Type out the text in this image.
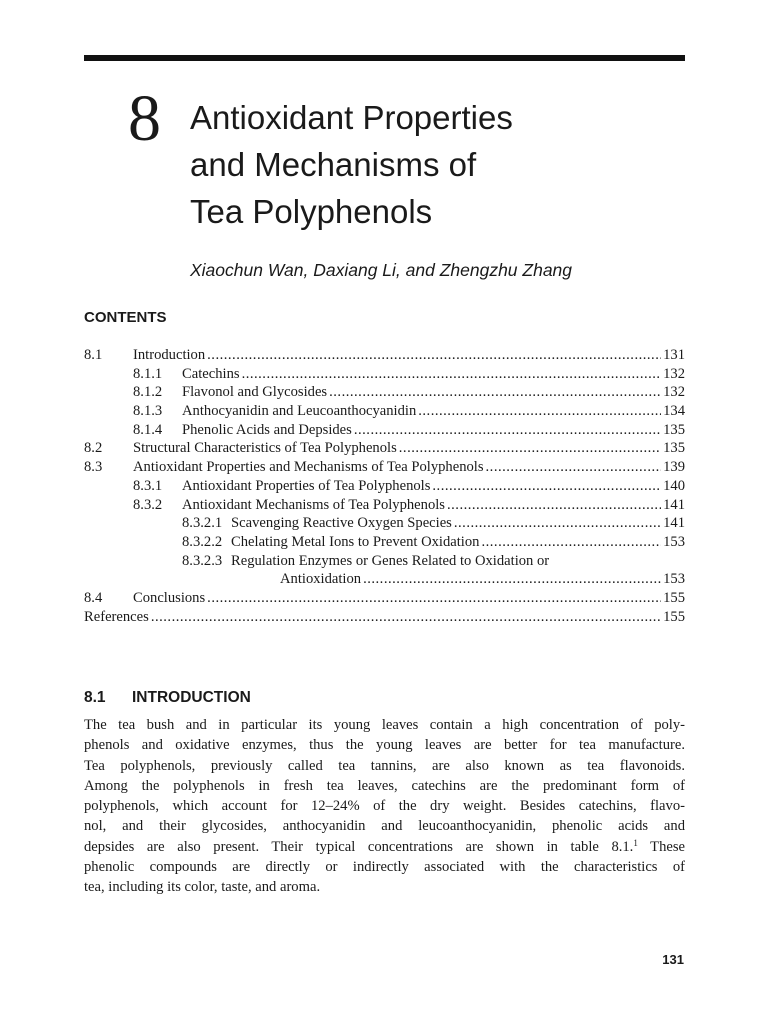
8 Antioxidant Properties
and Mechanisms of
Tea Polyphenols
Xiaochun Wan, Daxiang Li, and Zhengzhu Zhang
CONTENTS
8.1	Introduction .....	131
8.1.1	Catechins .....	132
8.1.2	Flavonol and Glycosides .....	132
8.1.3	Anthocyanidin and Leucoanthocyanidin .....	134
8.1.4	Phenolic Acids and Depsides .....	135
8.2	Structural Characteristics of Tea Polyphenols .....	135
8.3	Antioxidant Properties and Mechanisms of Tea Polyphenols .....	139
8.3.1	Antioxidant Properties of Tea Polyphenols .....	140
8.3.2	Antioxidant Mechanisms of Tea Polyphenols .....	141
8.3.2.1 Scavenging Reactive Oxygen Species .....	141
8.3.2.2 Chelating Metal Ions to Prevent Oxidation .....	153
8.3.2.3 Regulation Enzymes or Genes Related to Oxidation or
Antioxidation .....	153
8.4	Conclusions .....	155
References .....	155
8.1 INTRODUCTION
The tea bush and in particular its young leaves contain a high concentration of poly-
phenols and oxidative enzymes, thus the young leaves are better for tea manufacture.
Tea polyphenols, previously called tea tannins, are also known as tea flavonoids.
Among the polyphenols in fresh tea leaves, catechins are the predominant form of
polyphenols, which account for 12–24% of the dry weight. Besides catechins, flavo-
nol, and their glycosides, anthocyanidin and leucoanthocyanidin, phenolic acids and
depsides are also present. Their typical concentrations are shown in table 8.1.$^1$ These
phenolic compounds are directly or indirectly associated with the characteristics of
tea, including its color, taste, and aroma.
131
